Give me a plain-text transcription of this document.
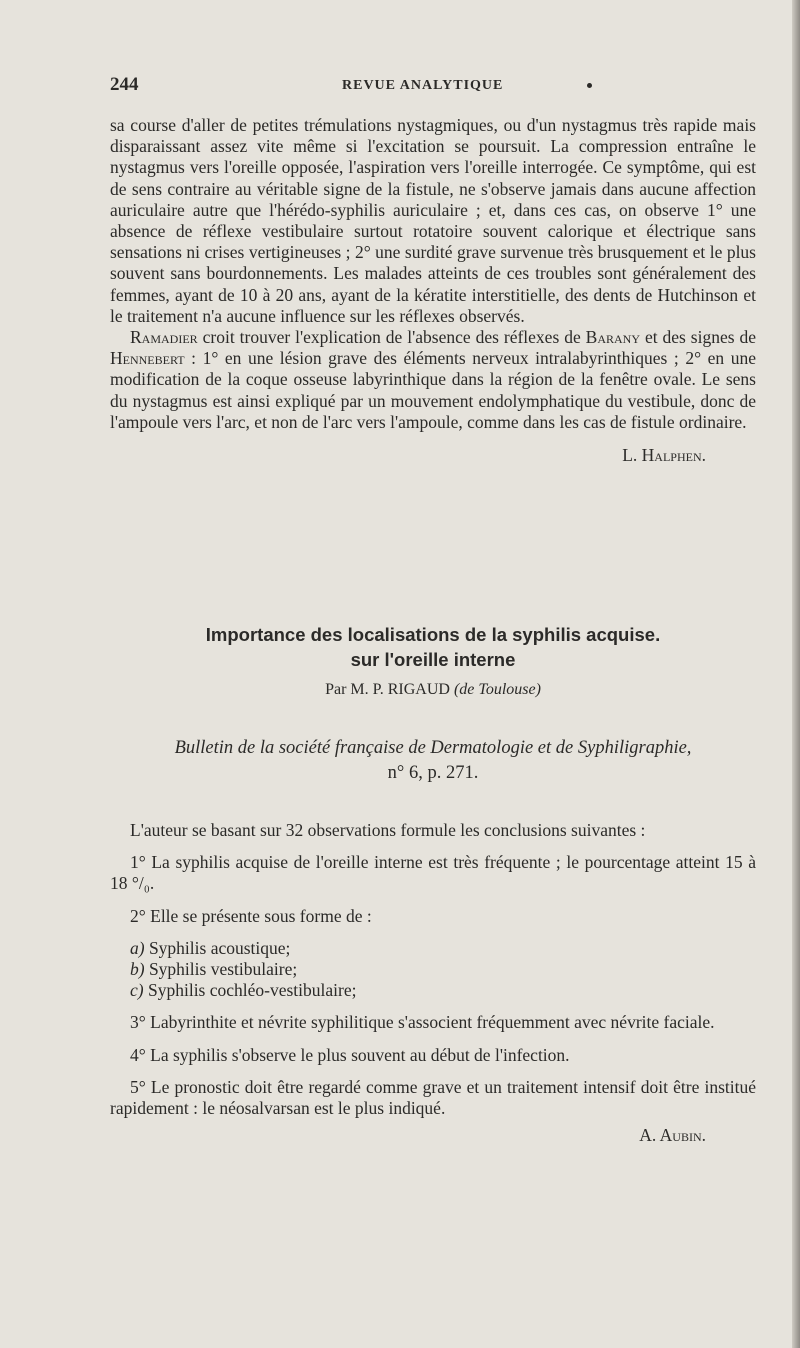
244	REVUE ANALYTIQUE

sa course d'aller de petites trémulations nystagmiques, ou d'un nystagmus très rapide mais disparaissant assez vite même si l'excitation se poursuit. La compression entraîne le nystagmus vers l'oreille opposée, l'aspiration vers l'oreille interrogée. Ce symptôme, qui est de sens contraire au véritable signe de la fistule, ne s'observe jamais dans aucune affection auriculaire autre que l'hérédo-syphilis auriculaire ; et, dans ces cas, on observe 1° une absence de réflexe vestibulaire surtout rotatoire souvent calorique et électrique sans sensations ni crises vertigineuses ; 2° une surdité grave survenue très brusquement et le plus souvent sans bourdonnements. Les malades atteints de ces troubles sont généralement des femmes, ayant de 10 à 20 ans, ayant de la kératite interstitielle, des dents de Hutchinson et le traitement n'a aucune influence sur les réflexes observés.

Ramadier croit trouver l'explication de l'absence des réflexes de Barany et des signes de Hennebert : 1° en une lésion grave des éléments nerveux intralabyrinthiques ; 2° en une modification de la coque osseuse labyrinthique dans la région de la fenêtre ovale. Le sens du nystagmus est ainsi expliqué par un mouvement endolymphatique du vestibule, donc de l'ampoule vers l'arc, et non de l'arc vers l'ampoule, comme dans les cas de fistule ordinaire.

L. Halphen.

Importance des localisations de la syphilis acquise.
sur l'oreille interne
Par M. P. RIGAUD (de Toulouse)
Bulletin de la société française de Dermatologie et de Syphiligraphie,
n° 6, p. 271.

L'auteur se basant sur 32 observations formule les conclusions suivantes :

1° La syphilis acquise de l'oreille interne est très fréquente ; le pourcentage atteint 15 à 18 °/₀.

2° Elle se présente sous forme de :

a) Syphilis acoustique;

b) Syphilis vestibulaire;

c) Syphilis cochléo-vestibulaire;

3° Labyrinthite et névrite syphilitique s'associent fréquemment avec névrite faciale.

4° La syphilis s'observe le plus souvent au début de l'infection.

5° Le pronostic doit être regardé comme grave et un traitement intensif doit être institué rapidement : le néosalvarsan est le plus indiqué.

A. Aubin.
